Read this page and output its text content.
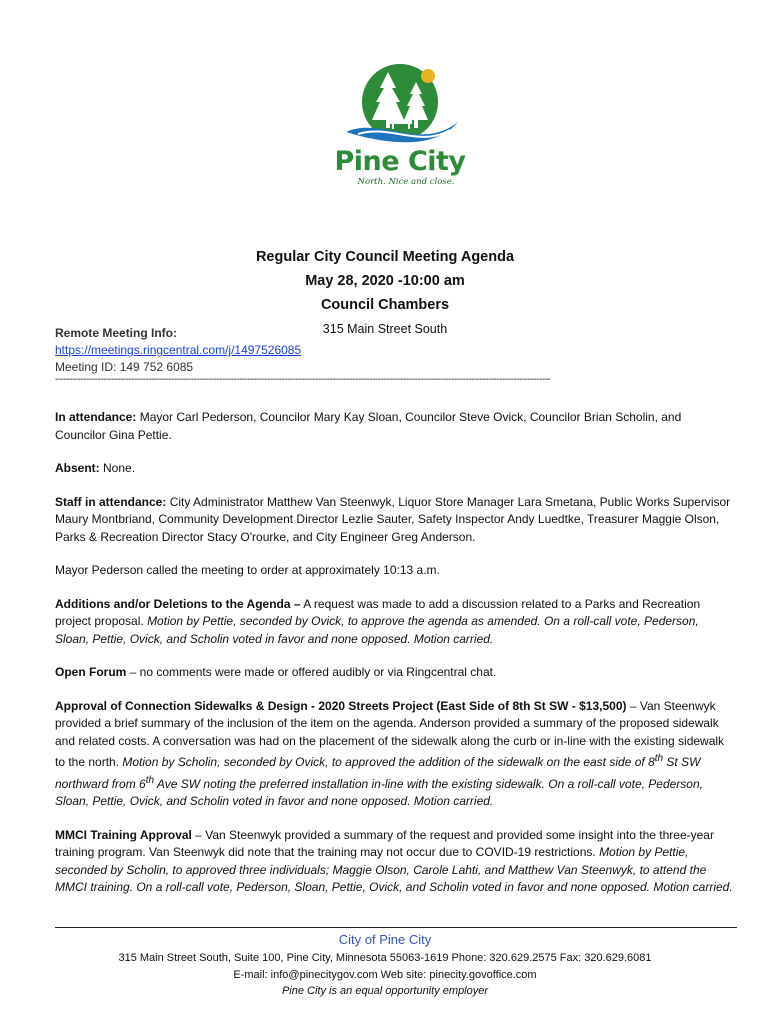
Pine City
North. Nice and close.
Regular City Council Meeting Agenda
May 28, 2020 -10:00 am
Council Chambers
315 Main Street South
Remote Meeting Info:
https://meetings.ringcentral.com/j/1497526085
Meeting ID: 149 752 6085
-------------------------------------------------------------------------------------------------------------------------------------------------------------------------------

In attendance: Mayor Carl Pederson, Councilor Mary Kay Sloan, Councilor Steve Ovick, Councilor Brian Scholin, and Councilor Gina Pettie.

Absent: None.

Staff in attendance: City Administrator Matthew Van Steenwyk, Liquor Store Manager Lara Smetana, Public Works Supervisor Maury Montbriand, Community Development Director Lezlie Sauter, Safety Inspector Andy Luedtke, Treasurer Maggie Olson, Parks & Recreation Director Stacy O'rourke, and City Engineer Greg Anderson.

Mayor Pederson called the meeting to order at approximately 10:13 a.m.

Additions and/or Deletions to the Agenda – A request was made to add a discussion related to a Parks and Recreation project proposal. Motion by Pettie, seconded by Ovick, to approve the agenda as amended. On a roll-call vote, Pederson, Sloan, Pettie, Ovick, and Scholin voted in favor and none opposed. Motion carried.

Open Forum – no comments were made or offered audibly or via Ringcentral chat.

Approval of Connection Sidewalks & Design - 2020 Streets Project (East Side of 8th St SW - $13,500) – Van Steenwyk provided a brief summary of the inclusion of the item on the agenda. Anderson provided a summary of the proposed sidewalk and related costs. A conversation was had on the placement of the sidewalk along the curb or in-line with the existing sidewalk to the north. Motion by Scholin, seconded by Ovick, to approved the addition of the sidewalk on the east side of 8th St SW northward from 6th Ave SW noting the preferred installation in-line with the existing sidewalk. On a roll-call vote, Pederson, Sloan, Pettie, Ovick, and Scholin voted in favor and none opposed. Motion carried.

MMCI Training Approval – Van Steenwyk provided a summary of the request and provided some insight into the three-year training program. Van Steenwyk did note that the training may not occur due to COVID-19 restrictions. Motion by Pettie, seconded by Scholin, to approved three individuals; Maggie Olson, Carole Lahti, and Matthew Van Steenwyk, to attend the MMCI training. On a roll-call vote, Pederson, Sloan, Pettie, Ovick, and Scholin voted in favor and none opposed. Motion carried.

City of Pine City
315 Main Street South, Suite 100, Pine City, Minnesota 55063-1619 Phone: 320.629.2575 Fax: 320.629.6081
E-mail: info@pinecitygov.com Web site: pinecity.govoffice.com
Pine City is an equal opportunity employer
